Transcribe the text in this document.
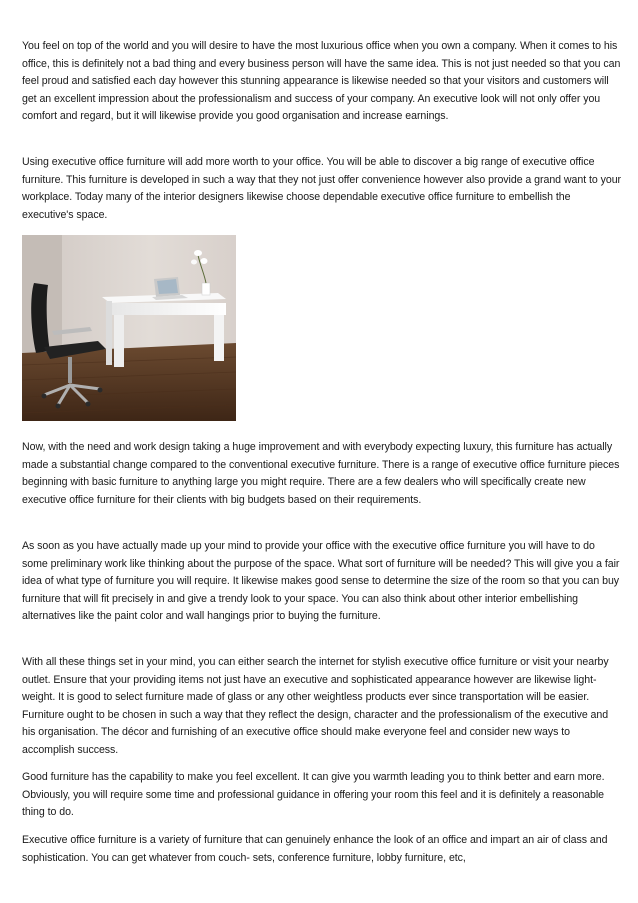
You feel on top of the world and you will desire to have the most luxurious office when you own a company. When it comes to his office, this is definitely not a bad thing and every business person will have the same idea. This is not just needed so that you can feel proud and satisfied each day however this stunning appearance is likewise needed so that your visitors and customers will get an excellent impression about the professionalism and success of your company. An executive look will not only offer you comfort and regard, but it will likewise provide you good organisation and increase earnings.

Using executive office furniture will add more worth to your office. You will be able to discover a big range of executive office furniture. This furniture is developed in such a way that they not just offer convenience however also provide a grand want to your workplace. Today many of the interior designers likewise choose dependable executive office furniture to embellish the executive's space.

Now, with the need and work design taking a huge improvement and with everybody expecting luxury, this furniture has actually made a substantial change compared to the conventional executive furniture. There is a range of executive office furniture pieces beginning with basic furniture to anything large you might require. There are a few dealers who will specifically create new executive office furniture for their clients with big budgets based on their requirements.

As soon as you have actually made up your mind to provide your office with the executive office furniture you will have to do some preliminary work like thinking about the purpose of the space. What sort of furniture will be needed? This will give you a fair idea of what type of furniture you will require. It likewise makes good sense to determine the size of the room so that you can buy furniture that will fit precisely in and give a trendy look to your space. You can also think about other interior embellishing alternatives like the paint color and wall hangings prior to buying the furniture.

With all these things set in your mind, you can either search the internet for stylish executive office furniture or visit your nearby outlet. Ensure that your providing items not just have an executive and sophisticated appearance however are likewise light-weight. It is good to select furniture made of glass or any other weightless products ever since transportation will be easier. Furniture ought to be chosen in such a way that they reflect the design, character and the professionalism of the executive and his organisation. The décor and furnishing of an executive office should make everyone feel and consider new ways to accomplish success.

Good furniture has the capability to make you feel excellent. It can give you warmth leading you to think better and earn more. Obviously, you will require some time and professional guidance in offering your room this feel and it is definitely a reasonable thing to do.

Executive office furniture is a variety of furniture that can genuinely enhance the look of an office and impart an air of class and sophistication. You can get whatever from couch- sets, conference furniture, lobby furniture, etc,
